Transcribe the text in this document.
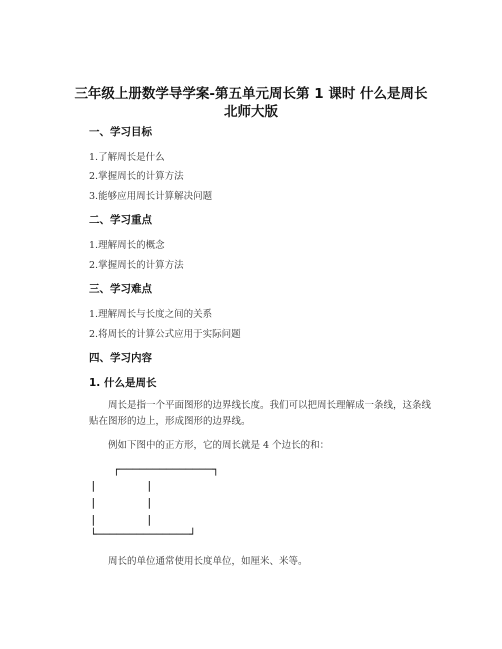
三年级上册数学导学案-第五单元周长第 1 课时 什么是周长
北师大版
一、学习目标
1.了解周长是什么
2.掌握周长的计算方法
3.能够应用周长计算解决问题
二、学习重点
1.理解周长的概念
2.掌握周长的计算方法
三、学习难点
1.理解周长与长度之间的关系
2.将周长的计算公式应用于实际问题
四、学习内容
1. 什么是周长
周长是指一个平面图形的边界线长度。我们可以把周长理解成一条线，这条线贴在图形的边上，形成图形的边界线。
例如下图中的正方形，它的周长就是 4 个边长的和：
┌──────────────┐
|	|
|	|
|	|
└──────────────┘
周长的单位通常使用长度单位，如厘米、米等。
